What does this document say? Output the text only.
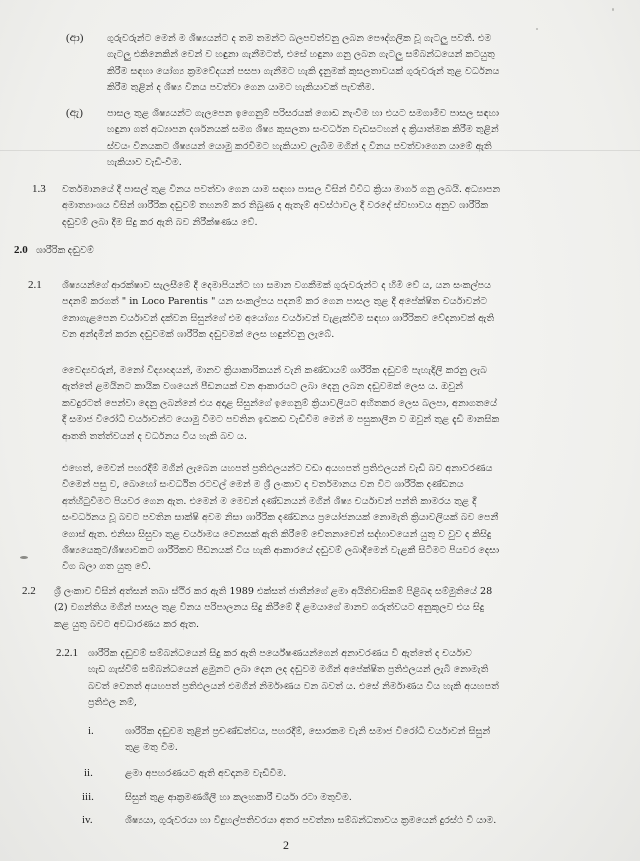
(ආ) ගුරුවරුන්ට මෙන් ම ශිෂ්‍යයන්ට ද තම තමන්ට බලපවත්වනු ලබන පෞද්ගලික වූ ගැටලු පවතී. එම
ගැටලු එකිනෙකින් වෙන් ව හඳුනා ගැනීමටත්, එසේ හඳුනා ගනු ලබන ගැටලු සම්බන්ධයෙන් කටයුතු
කිරීම සඳහා යෝග්‍ය ක්‍රමවේදයන් පසපා ගැනීමට හැකි දැනුමක් කුසලතාවයක් ගුරුවරුන් තුළ වර්ධනය
කිරීම තුළින් ද ශිෂ්‍ය විනය පවත්වා ගෙන යාමට හැකියාවක් පැවතීම.
(ඇ)	පාසල තුළ ශිෂ්‍යයන්ට ගැලපෙන ඉගෙනුම් පරිසරයක් ගොඩ නැංවීම හා එයට සමගාමීව පාසල සඳහා
හඳුනා ගත් අධ්‍යාපන දර්ශනයක් සමග ශිෂ්‍ය කුසලතා සංවර්ධන වැඩසටහන් ද ක්‍රියාත්මක කිරීම තුළින්
ස්වයං විනයකට ශිෂ්‍යයන් යොමු කරවීමට හැකියාව ලැබීම මගින් ද විනය පවත්වාගෙන යාමේ ඇති
හැකියාව වැඩි-වීම.
1.3 වර්තමානයේ දී පාසල් තුළ විනය පවත්වා ගෙන යාම සඳහා පාසල විසින් විවිධ ක්‍රියා මාර්ග ගනු ලබයි. අධ්‍යාපන
අමාත්‍යාංශය විසින් ශාරීරික දඬුවම් තහනම් කර තිබුණ ද ඇතැම් අවස්ථාවල දී වරදේ ස්වභාවය අනුව ශාරීරික
දඬුවම් ලබා දීම සිදු කර ඇති බව නිරීක්ෂණය වේ.
2.0 ශාරීරික දඬුවම්
2.1 ශිෂ්‍යයන්ගේ ආරක්ෂාව සැලසීමේ දී දෙමාපියන්ට හා සමාන වගකීමක් ගුරුවරුන්ට ද හිමි වේ ය, යන සංකල්පය
පදනම් කරගත් " in Loco Parentis " යන සංකල්පය පදනම් කර ගෙන පාසල තුළ දී අපේක්ෂිත චර්යාවන්ට
නොගැළපෙන චර්යාවන් දක්වන සිසුන්ගේ එම අයෝග්‍ය චර්යාවන් වැළැක්වීම සඳහා ශාරීරිකව වේදනාවක් ඇති
වන අන්දමින් කරන දඬුවමක් ශාරීරික දඬුවමක් ලෙස හඳුන්වනු ලැබේ.
වෛද්‍යවරුන්, මනෝ විද්‍යාඥයන්, මානව ක්‍රියාකාරිකයන් වැනි කණ්ඩායම් ශාරීරික දඬුවම් පැහැදිලි කරනු ලැබ
ඇත්තේ ළමයිනට කායික වශයෙන් පීඩනයක් වන ආකාරයට ලබා දෙනු ලබන දඬුවමක් ලෙස ය. ඔවුන්
කවදුරටත් පෙන්වා දෙනු ලබන්නේ එය අදාළ සිසුන්ගේ ඉගෙනුම් ක්‍රියාවලියට අහිතකර ලෙස බලපා, අනාගතයේ
දී සමාජ විරෝධී චර්යාවන්ට යොමු වීමට පවතින ඉඩකඩ වැඩිවීම මෙන් ම පසුකාලීන ව ඔවුන් තුළ දැඩි මානසික
ආතති තත්ත්වයන් ද වර්ධනය විය හැකි බව ය.
එහෙත්, මෙවන් පහරදීම් මගින් ලැබෙන යහපත් ප්‍රතිඵලයන්ට වඩා අයහපත් ප්‍රතිඵලයන් වැඩි බව අනාවරණය
වීමෙන් පසු ව, බොහෝ සංවර්ධිත රටවල් මෙන් ම ශ්‍රී ලංකාව ද වර්තමානය වන විට ශාරීරික දණ්ඩනය
අත්හිටුවීමට පියවර ගෙන ඇත. එමෙන් ම මෙවන් දණ්ඩනයන් මගින් ශිෂ්‍ය චර්යාවන් පන්ති කාමරය තුළ දී
සංවර්ධනය වූ බවට පවතින සාක්ෂි අවම නිසා ශාරීරික දණ්ඩනය ප්‍රයෝජනයක් නොමැති ක්‍රියාවලියක් බව පෙනී
ගොස් ඇත. එනිසා සිසුවා තුළ චර්යාමය වෙනසක් ඇති කිරීමේ චේතනාවෙන් සද්භාවයෙන් යුතු ව වුව ද කිසිදු
ශිෂ්‍යයෙකුට/ශිෂ්‍යාවකට ශාරීරිකව පීඩනයක් විය හැකි ආකාරයේ දඬුවම් ලබාදීමෙන් වැළකී සිටීමට පියවර දෙසා
විග බලා ගත යුතු වේ.
2.2 ශ්‍රී ලංකාව විසින් අත්සන් තබා ස්ථිර කර ඇති 1989 එක්සත් ජාතීන්ගේ ළමා අයිතිවාසිකම් පිළිබඳ සම්මුතියේ 28
(2) වගන්තිය මගින් පාසල තුළ විනය පරිපාලනය සිදු කිරීමේ දී ළමයාගේ මානව ගරුත්වයට අනුකූලව එය සිදු
කළ යුතු බවට අවධාරණය කර ඇත.
2.2.1 ශාරීරික දඬුවම් සම්බන්ධයෙන් සිදු කර ඇති පර්යේෂණයන්ගෙන් අනාවරණය වී ඇත්තේ ද චර්යාව
හැඩ ගැස්වීම් සම්බන්ධයෙන් ළමුනට ලබා දෙන ලද දඬුවම මගින් අපේක්ෂිත ප්‍රතිඵලයන් ලැබී නොමැති
බවත් වෙනත් අයහපත් ප්‍රතිඵලයන් එමගින් නිර්මාණය වන බවත් ය. එසේ නිර්මාණය විය හැකි අයහපත්
ප්‍රතිඵල නම්,
i.	ශාරීරික දඬුවම තුළින් ප්‍රචණ්ඩත්වය, පහරදීම්, සොරකම වැනි සමාජ විරෝධී චර්යාවන් සිසුන්
තුළ මතු වීම.
ii.	ළමා අපහරණයට ඇති අවදානම වැඩිවීම.
iii.	සිසුන් තුළ ආක්‍රමණශීලී හා කලහකාරී චර්යා රටා මතුවීම.
iv.	ශිෂ්‍යයා, ගුරුවරයා හා විදුහල්පතිවරයා අතර පවත්නා සම්බන්ධතාවය ක්‍රමයෙන් දුරස්ථ වී යාම.
2
